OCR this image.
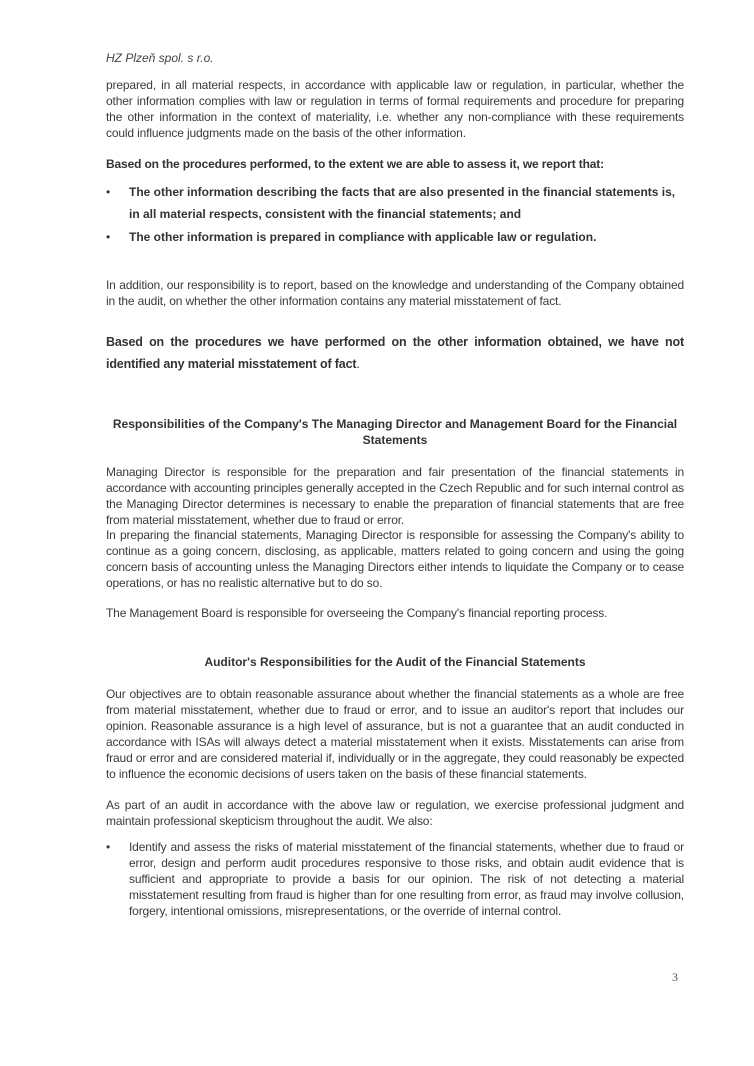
HZ Plzeň spol. s r.o.

prepared, in all material respects, in accordance with applicable law or regulation, in particular, whether the other information complies with law or regulation in terms of formal requirements and procedure for preparing the other information in the context of materiality, i.e. whether any non-compliance with these requirements could influence judgments made on the basis of the other information.

Based on the procedures performed, to the extent we are able to assess it, we report that:

•	The other information describing the facts that are also presented in the financial statements is, in all material respects, consistent with the financial statements; and
•	The other information is prepared in compliance with applicable law or regulation.

In addition, our responsibility is to report, based on the knowledge and understanding of the Company obtained in the audit, on whether the other information contains any material misstatement of fact.

Based on the procedures we have performed on the other information obtained, we have not identified any material misstatement of fact.

Responsibilities of the Company's The Managing Director and Management Board for the Financial Statements

Managing Director is responsible for the preparation and fair presentation of the financial statements in accordance with accounting principles generally accepted in the Czech Republic and for such internal control as the Managing Director determines is necessary to enable the preparation of financial statements that are free from material misstatement, whether due to fraud or error.

In preparing the financial statements, Managing Director is responsible for assessing the Company's ability to continue as a going concern, disclosing, as applicable, matters related to going concern and using the going concern basis of accounting unless the Managing Directors either intends to liquidate the Company or to cease operations, or has no realistic alternative but to do so.

The Management Board is responsible for overseeing the Company's financial reporting process.

Auditor's Responsibilities for the Audit of the Financial Statements

Our objectives are to obtain reasonable assurance about whether the financial statements as a whole are free from material misstatement, whether due to fraud or error, and to issue an auditor's report that includes our opinion. Reasonable assurance is a high level of assurance, but is not a guarantee that an audit conducted in accordance with ISAs will always detect a material misstatement when it exists. Misstatements can arise from fraud or error and are considered material if, individually or in the aggregate, they could reasonably be expected to influence the economic decisions of users taken on the basis of these financial statements.

As part of an audit in accordance with the above law or regulation, we exercise professional judgment and maintain professional skepticism throughout the audit. We also:

•	Identify and assess the risks of material misstatement of the financial statements, whether due to fraud or error, design and perform audit procedures responsive to those risks, and obtain audit evidence that is sufficient and appropriate to provide a basis for our opinion. The risk of not detecting a material misstatement resulting from fraud is higher than for one resulting from error, as fraud may involve collusion, forgery, intentional omissions, misrepresentations, or the override of internal control.
3
